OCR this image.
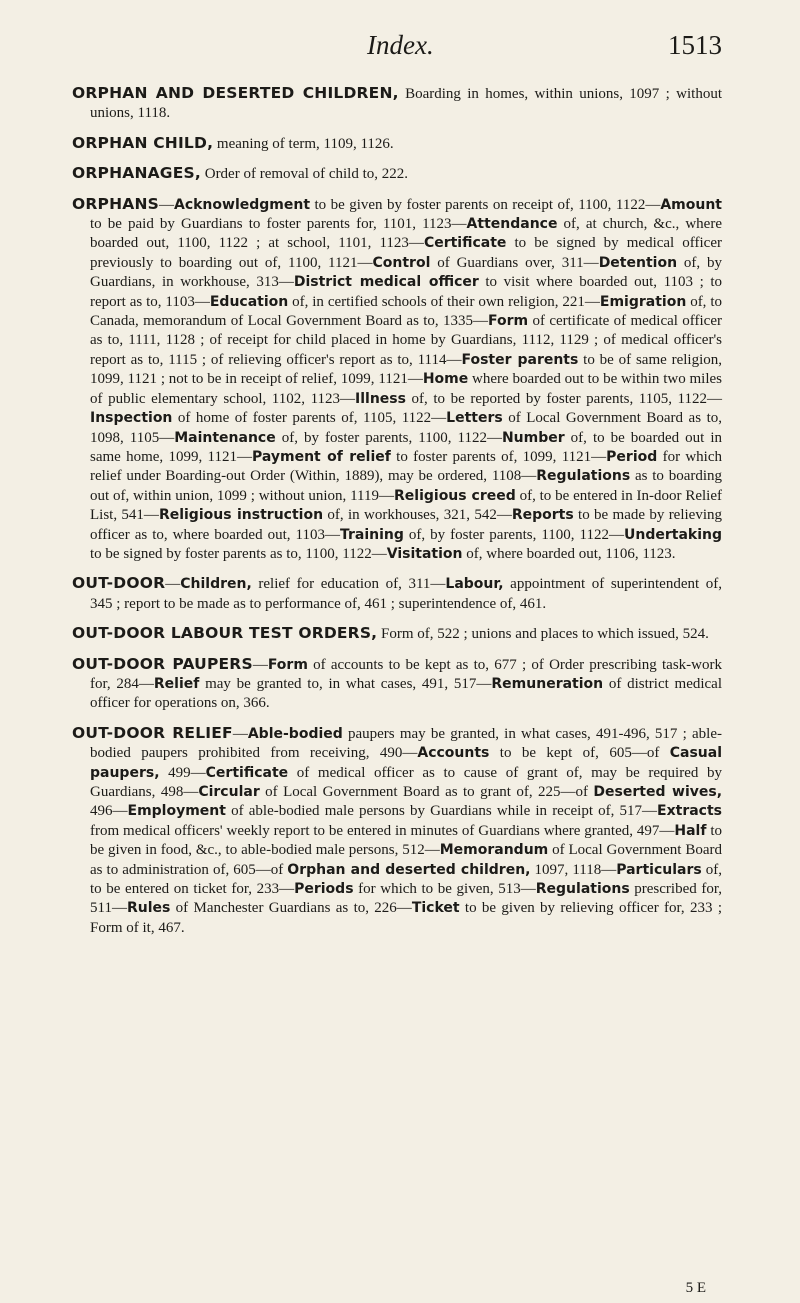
Index.	1513

ORPHAN AND DESERTED CHILDREN, Boarding in homes, within unions, 1097 ; without unions, 1118.

ORPHAN CHILD, meaning of term, 1109, 1126.

ORPHANAGES, Order of removal of child to, 222.

ORPHANS—Acknowledgment to be given by foster parents on receipt of, 1100, 1122—Amount to be paid by Guardians to foster parents for, 1101, 1123—Attendance of, at church, &c., where boarded out, 1100, 1122 ; at school, 1101, 1123—Certificate to be signed by medical officer previously to boarding out of, 1100, 1121—Control of Guardians over, 311—Detention of, by Guardians, in workhouse, 313—District medical officer to visit where boarded out, 1103 ; to report as to, 1103—Education of, in certified schools of their own religion, 221—Emigration of, to Canada, memorandum of Local Government Board as to, 1335—Form of certificate of medical officer as to, 1111, 1128 ; of receipt for child placed in home by Guardians, 1112, 1129 ; of medical officer's report as to, 1115 ; of relieving officer's report as to, 1114—Foster parents to be of same religion, 1099, 1121 ; not to be in receipt of relief, 1099, 1121—Home where boarded out to be within two miles of public elementary school, 1102, 1123—Illness of, to be reported by foster parents, 1105, 1122—Inspection of home of foster parents of, 1105, 1122—Letters of Local Government Board as to, 1098, 1105—Maintenance of, by foster parents, 1100, 1122—Number of, to be boarded out in same home, 1099, 1121—Payment of relief to foster parents of, 1099, 1121—Period for which relief under Boarding-out Order (Within, 1889), may be ordered, 1108—Regulations as to boarding out of, within union, 1099 ; without union, 1119—Religious creed of, to be entered in In-door Relief List, 541—Religious instruction of, in workhouses, 321, 542—Reports to be made by relieving officer as to, where boarded out, 1103—Training of, by foster parents, 1100, 1122—Undertaking to be signed by foster parents as to, 1100, 1122—Visitation of, where boarded out, 1106, 1123.

OUT-DOOR—Children, relief for education of, 311—Labour, appointment of superintendent of, 345 ; report to be made as to performance of, 461 ; superintendence of, 461.

OUT-DOOR LABOUR TEST ORDERS, Form of, 522 ; unions and places to which issued, 524.

OUT-DOOR PAUPERS—Form of accounts to be kept as to, 677 ; of Order prescribing task-work for, 284—Relief may be granted to, in what cases, 491, 517—Remuneration of district medical officer for operations on, 366.

OUT-DOOR RELIEF—Able-bodied paupers may be granted, in what cases, 491-496, 517 ; able-bodied paupers prohibited from receiving, 490—Accounts to be kept of, 605—of Casual paupers, 499—Certificate of medical officer as to cause of grant of, may be required by Guardians, 498—Circular of Local Government Board as to grant of, 225—of Deserted wives, 496—Employment of able-bodied male persons by Guardians while in receipt of, 517—Extracts from medical officers' weekly report to be entered in minutes of Guardians where granted, 497—Half to be given in food, &c., to able-bodied male persons, 512—Memorandum of Local Government Board as to administration of, 605—of Orphan and deserted children, 1097, 1118—Particulars of, to be entered on ticket for, 233—Periods for which to be given, 513—Regulations prescribed for, 511—Rules of Manchester Guardians as to, 226—Ticket to be given by relieving officer for, 233 ; Form of it, 467.

5 E
